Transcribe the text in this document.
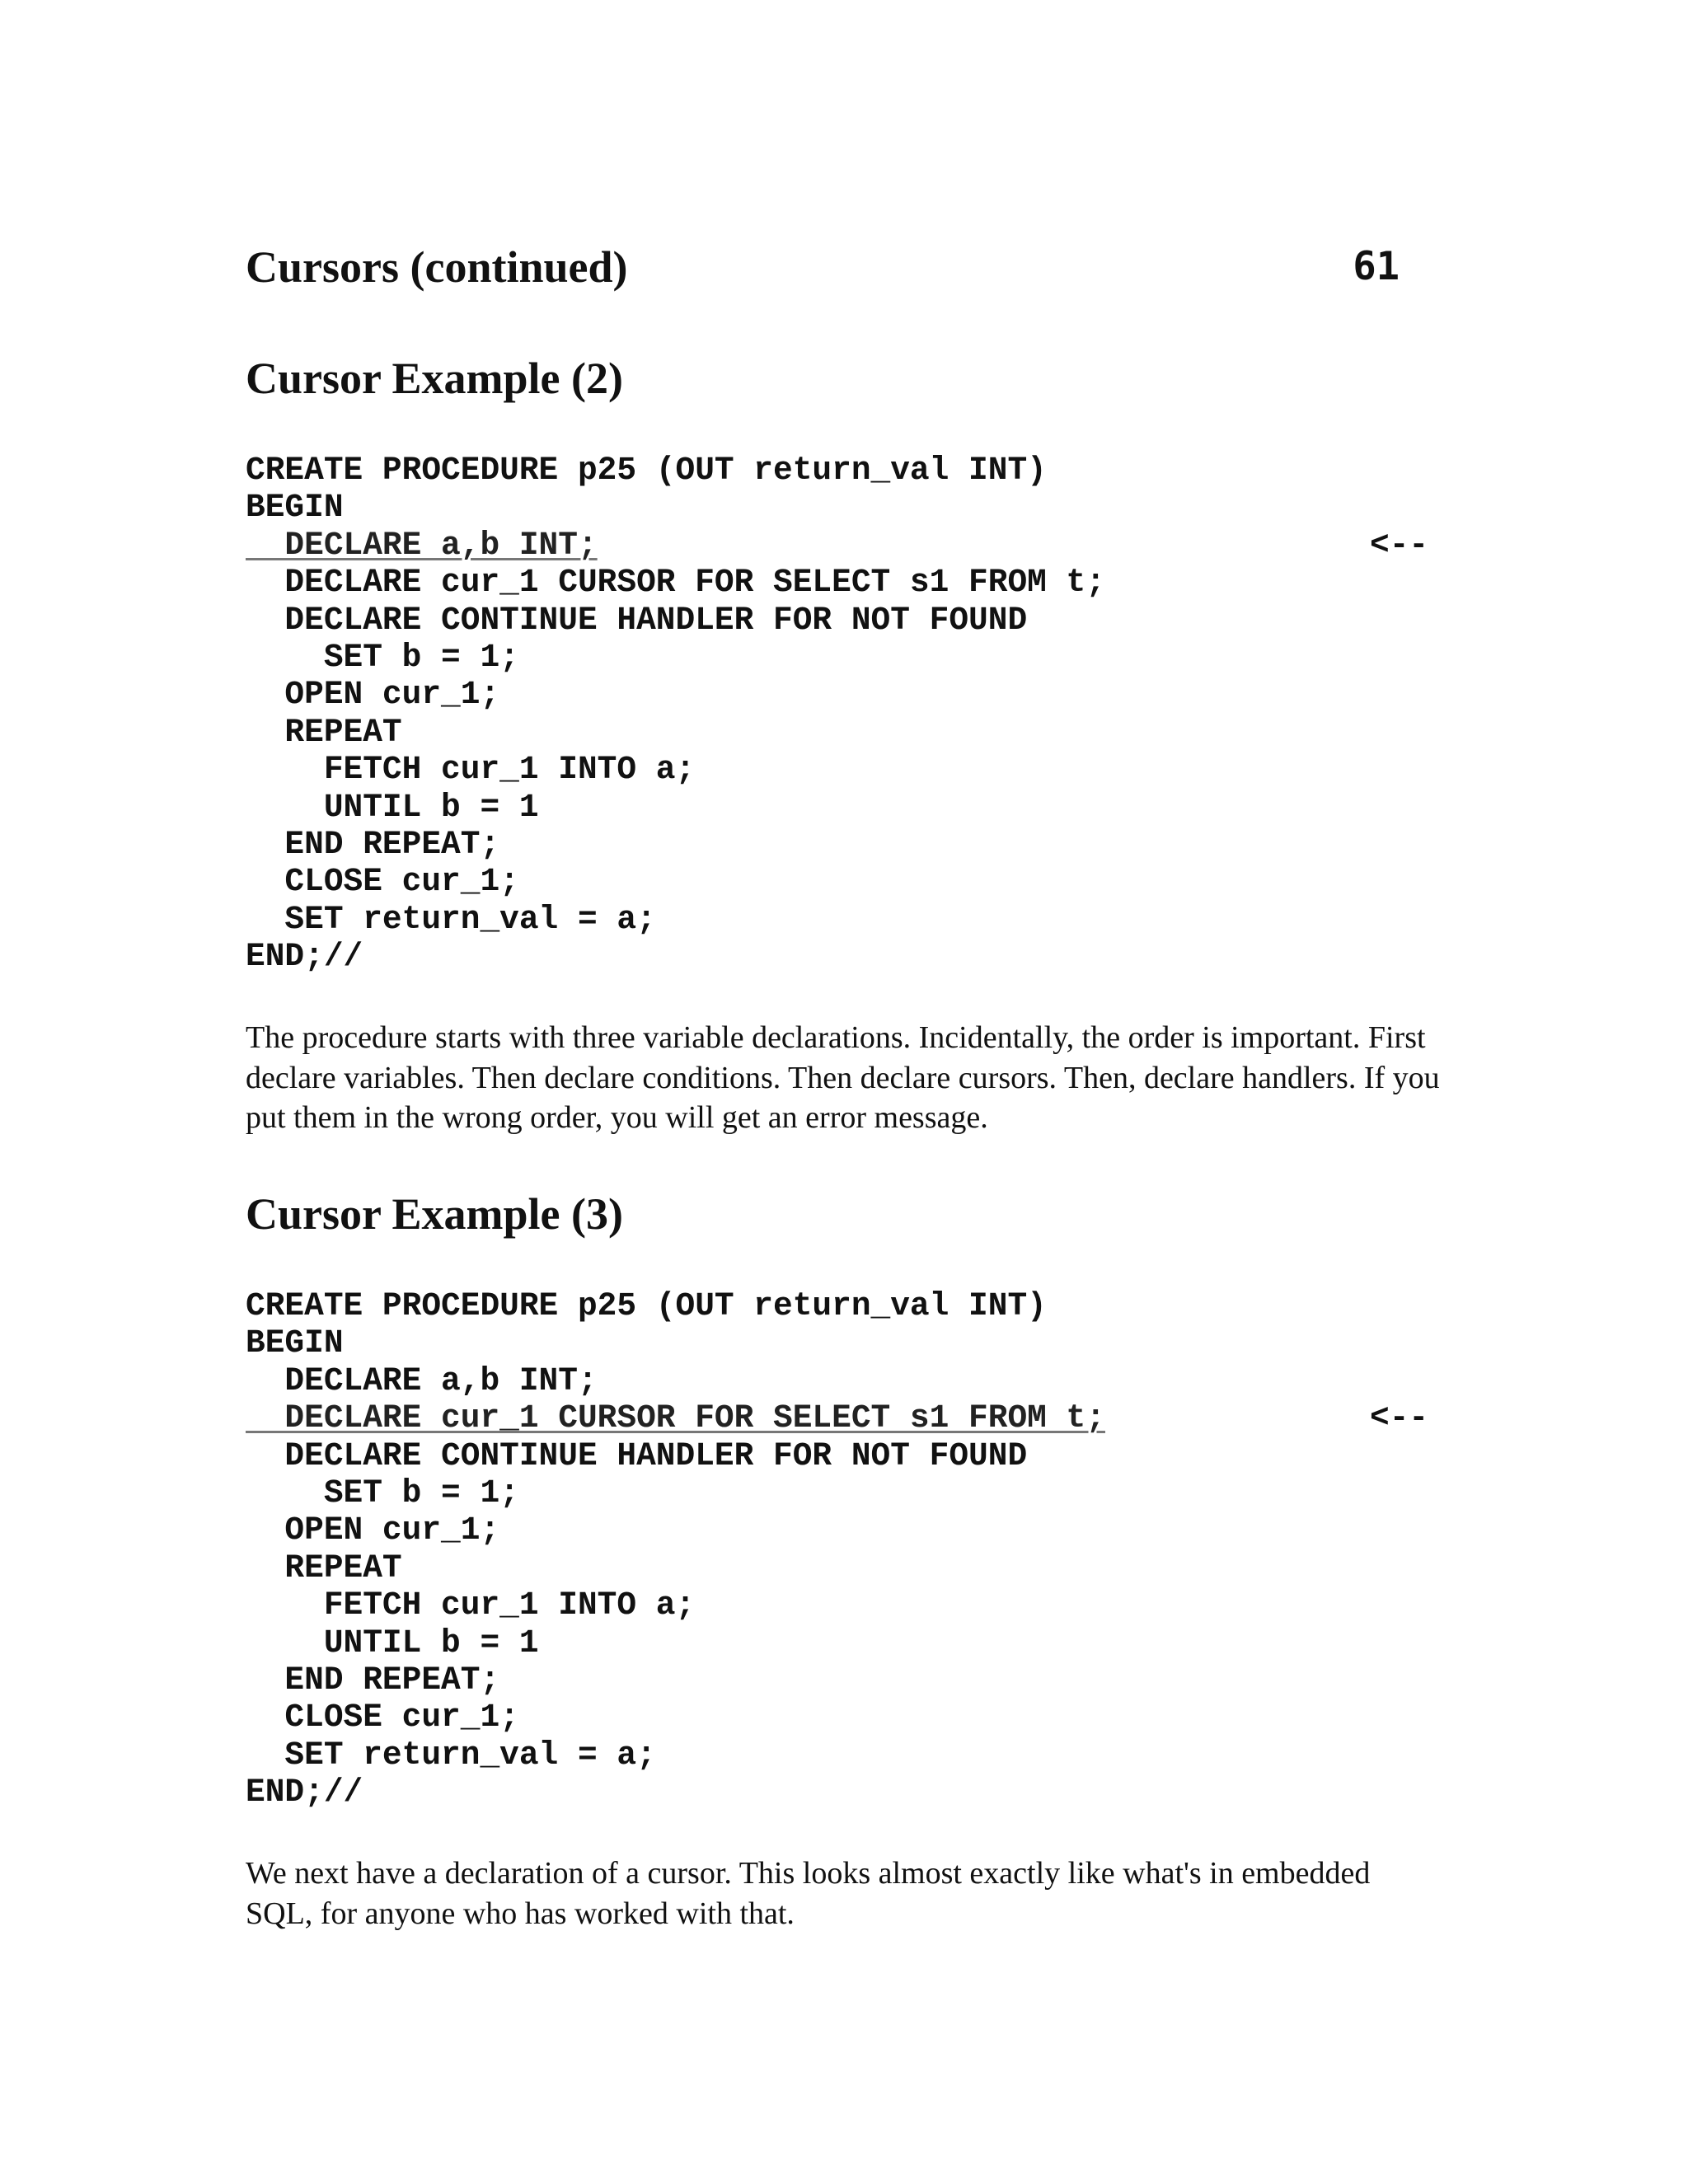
Cursors (continued)	61
Cursor Example (2)
CREATE PROCEDURE p25 (OUT return_val INT)
BEGIN
DECLARE a,b INT;	<--
DECLARE cur_1 CURSOR FOR SELECT s1 FROM t;
DECLARE CONTINUE HANDLER FOR NOT FOUND
SET b = 1;
OPEN cur_1;
REPEAT
FETCH cur_1 INTO a;
UNTIL b = 1
END REPEAT;
CLOSE cur_1;
SET return_val = a;
END;//
The procedure starts with three variable declarations. Incidentally, the order is important. First declare variables. Then declare conditions. Then declare cursors. Then, declare handlers. If you put them in the wrong order, you will get an error message.
Cursor Example (3)
CREATE PROCEDURE p25 (OUT return_val INT)
BEGIN
DECLARE a,b INT;
DECLARE cur_1 CURSOR FOR SELECT s1 FROM t;	<--
DECLARE CONTINUE HANDLER FOR NOT FOUND
SET b = 1;
OPEN cur_1;
REPEAT
FETCH cur_1 INTO a;
UNTIL b = 1
END REPEAT;
CLOSE cur_1;
SET return_val = a;
END;//
We next have a declaration of a cursor. This looks almost exactly like what's in embedded SQL, for anyone who has worked with that.
